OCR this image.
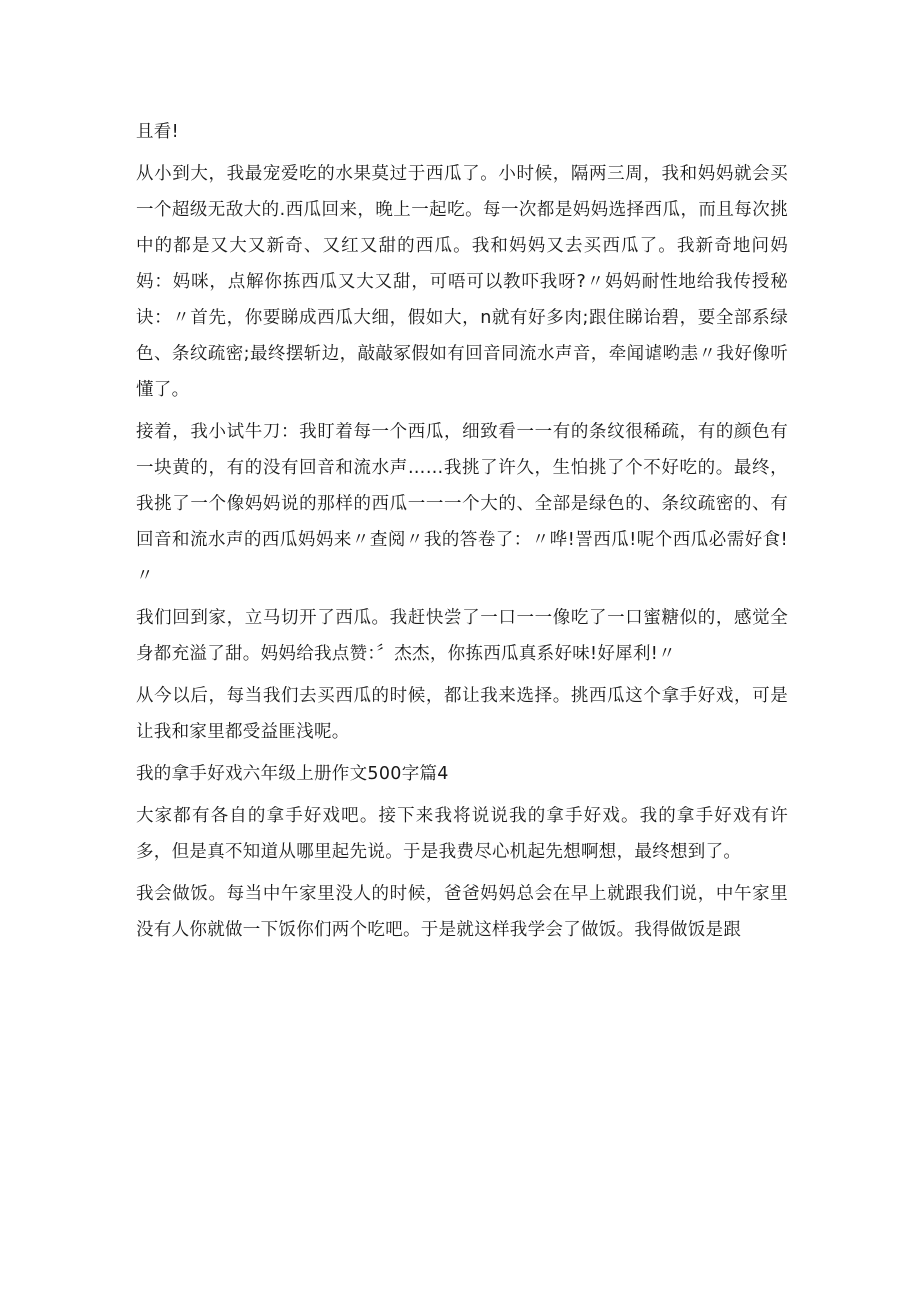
且看!

从小到大，我最宠爱吃的水果莫过于西瓜了。小时候，隔两三周，我和妈妈就会买一个超级无敌大的.西瓜回来，晚上一起吃。每一次都是妈妈选择西瓜，而且每次挑中的都是又大又新奇、又红又甜的西瓜。我和妈妈又去买西瓜了。我新奇地问妈妈：妈咪，点解你拣西瓜又大又甜，可唔可以教吓我呀?〃妈妈耐性地给我传授秘诀：〃首先，你要睇成西瓜大细，假如大，n就有好多肉;跟住睇诒碧，要全部系绿色、条纹疏密;最终摆斩边，敲敲冢假如有回音同流水声音，牵闻谑哟恚〃我好像听懂了。

接着，我小试牛刀：我盯着每一个西瓜，细致看一一有的条纹很稀疏，有的颜色有一块黄的，有的没有回音和流水声……我挑了许久，生怕挑了个不好吃的。最终，我挑了一个像妈妈说的那样的西瓜一一一个大的、全部是绿色的、条纹疏密的、有回音和流水声的西瓜妈妈来〃查阅〃我的答卷了：〃哗!詈西瓜!呢个西瓜必需好食!〃

我们回到家，立马切开了西瓜。我赶快尝了一口一一像吃了一口蜜糖似的，感觉全身都充溢了甜。妈妈给我点赞：〞杰杰，你拣西瓜真系好味!好犀利!〃

从今以后，每当我们去买西瓜的时候，都让我来选择。挑西瓜这个拿手好戏，可是让我和家里都受益匪浅呢。

我的拿手好戏六年级上册作文500字篇4

大家都有各自的拿手好戏吧。接下来我将说说我的拿手好戏。我的拿手好戏有许多，但是真不知道从哪里起先说。于是我费尽心机起先想啊想，最终想到了。

我会做饭。每当中午家里没人的时候，爸爸妈妈总会在早上就跟我们说，中午家里没有人你就做一下饭你们两个吃吧。于是就这样我学会了做饭。我得做饭是跟
